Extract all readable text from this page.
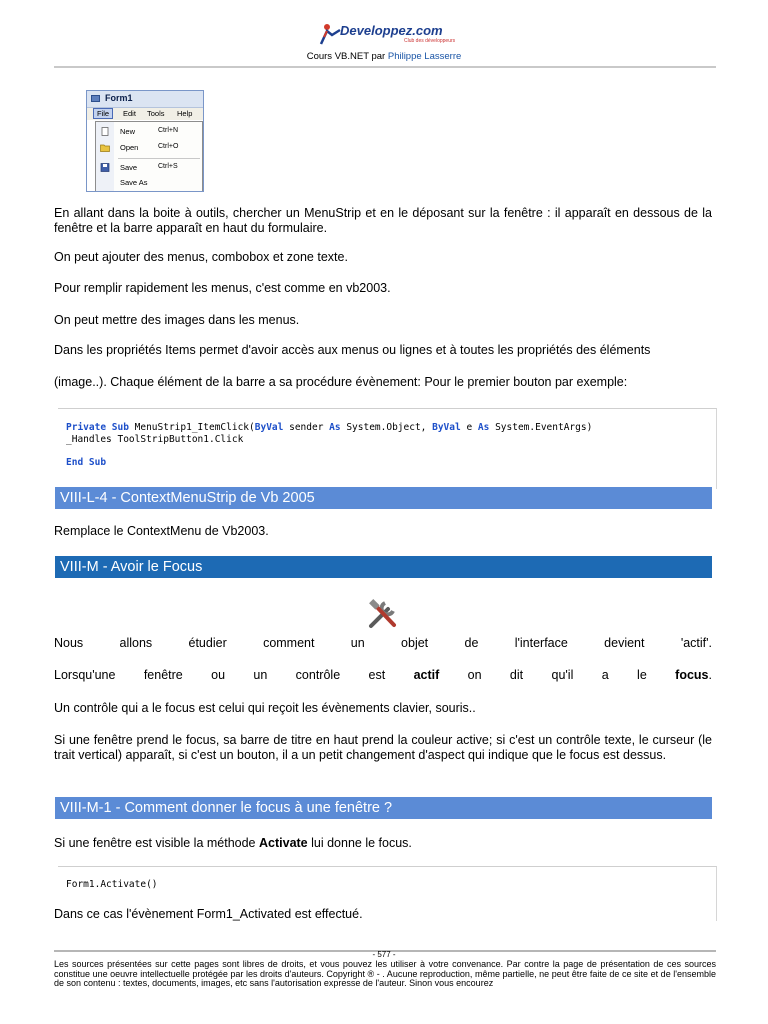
Developpez.com
Club des développeurs
Cours VB.NET par Philippe Lasserre
Form1
File	Edit Tools Help
New	Ctrl+N
Open	Ctrl+O
Save	Ctrl+S
Save As
En allant dans la boite à outils, chercher un MenuStrip et en le déposant sur la fenêtre : il apparaît en dessous de la fenêtre et la barre apparaît en haut du formulaire.
On peut ajouter des menus, combobox et zone texte.
Pour remplir rapidement les menus, c'est comme en vb2003.
On peut mettre des images dans les menus.
Dans les propriétés Items permet d'avoir accès aux menus ou lignes et à toutes les propriétés des éléments
(image..). Chaque élément de la barre a sa procédure évènement: Pour le premier bouton par exemple:
Private Sub MenuStrip1_ItemClick(ByVal sender As System.Object, ByVal e As System.EventArgs)
_Handles ToolStripButton1.Click
End Sub
VIII-L-4 - ContextMenuStrip de Vb 2005
Remplace le ContextMenu de Vb2003.
VIII-M - Avoir le Focus
Nous allons étudier comment un objet de l'interface devient 'actif'.
Lorsqu'une fenêtre ou un contrôle est actif on dit qu'il a le focus.
Un contrôle qui a le focus est celui qui reçoit les évènements clavier, souris..
Si une fenêtre prend le focus, sa barre de titre en haut prend la couleur active; si c'est un contrôle texte, le curseur (le trait vertical) apparaît, si c'est un bouton, il a un petit changement d'aspect qui indique que le focus est dessus.
VIII-M-1 - Comment donner le focus à une fenêtre ?
Si une fenêtre est visible la méthode Activate lui donne le focus.
Form1.Activate()
Dans ce cas l'évènement Form1_Activated est effectué.
- 577 -
Les sources présentées sur cette pages sont libres de droits, et vous pouvez les utiliser à votre convenance. Par contre la page de présentation de ces sources constitue une oeuvre intellectuelle protégée par les droits d'auteurs. Copyright ® - . Aucune reproduction, même partielle, ne peut être faite de ce site et de l'ensemble de son contenu : textes, documents, images, etc sans l'autorisation expresse de l'auteur. Sinon vous encourez
